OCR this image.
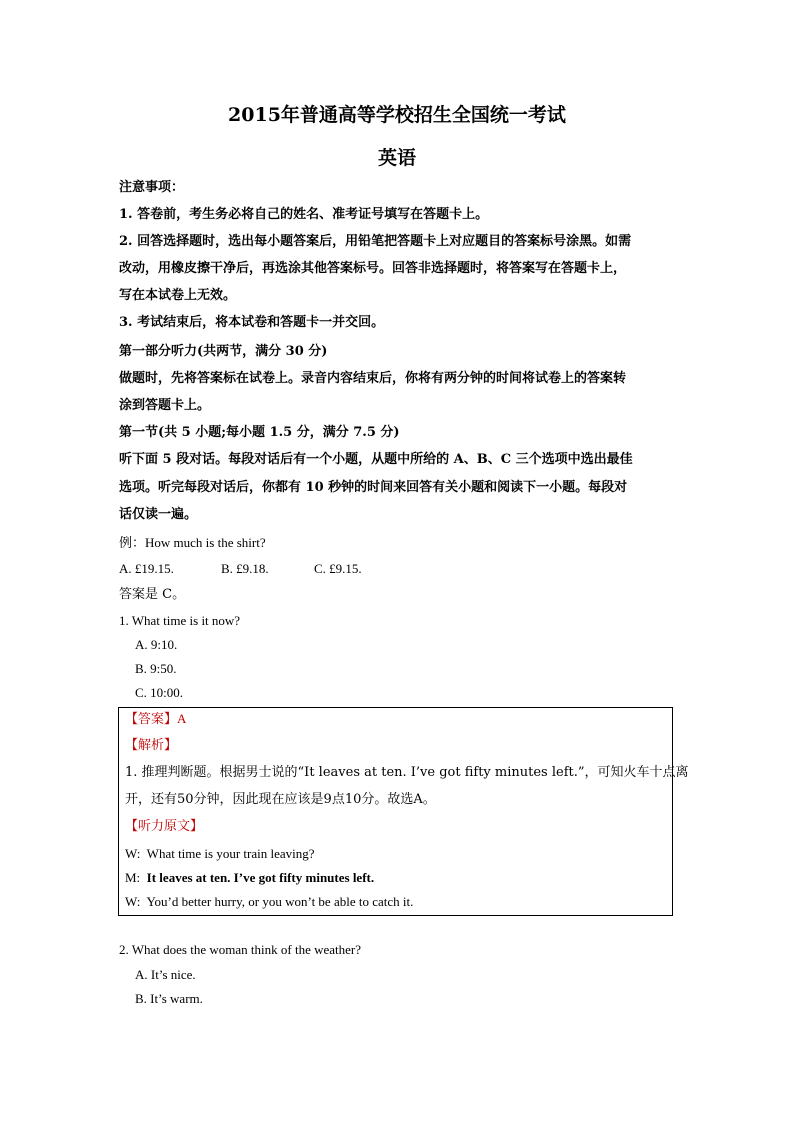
2015年普通高等学校招生全国统一考试
英语
注意事项：
1. 答卷前，考生务必将自己的姓名、准考证号填写在答题卡上。
2. 回答选择题时，选出每小题答案后，用铅笔把答题卡上对应题目的答案标号涂黑。如需
改动，用橡皮擦干净后，再选涂其他答案标号。回答非选择题时，将答案写在答题卡上，
写在本试卷上无效。
3. 考试结束后，将本试卷和答题卡一并交回。
第一部分听力(共两节，满分 30 分)
做题时，先将答案标在试卷上。录音内容结束后，你将有两分钟的时间将试卷上的答案转
涂到答题卡上。
第一节(共 5 小题;每小题 1.5 分，满分 7.5 分)
听下面 5 段对话。每段对话后有一个小题，从题中所给的 A、B、C 三个选项中选出最佳
选项。听完每段对话后，你都有 10 秒钟的时间来回答有关小题和阅读下一小题。每段对
话仅读一遍。
例：How much is the shirt?
A. £19.15.	B. £9.18.	C. £9.15.
答案是 C。
1. What time is it now?
A. 9:10.
B. 9:50.
C. 10:00.
【答案】A
【解析】
1. 推理判断题。根据男士说的“It leaves at ten. I’ve got fifty minutes left.”，可知火车十点离
开，还有50分钟，因此现在应该是9点10分。故选A。
【听力原文】
W: What time is your train leaving?
M: It leaves at ten. I’ve got fifty minutes left.
W: You’d better hurry, or you won’t be able to catch it.
2. What does the woman think of the weather?
A. It’s nice.
B. It’s warm.
